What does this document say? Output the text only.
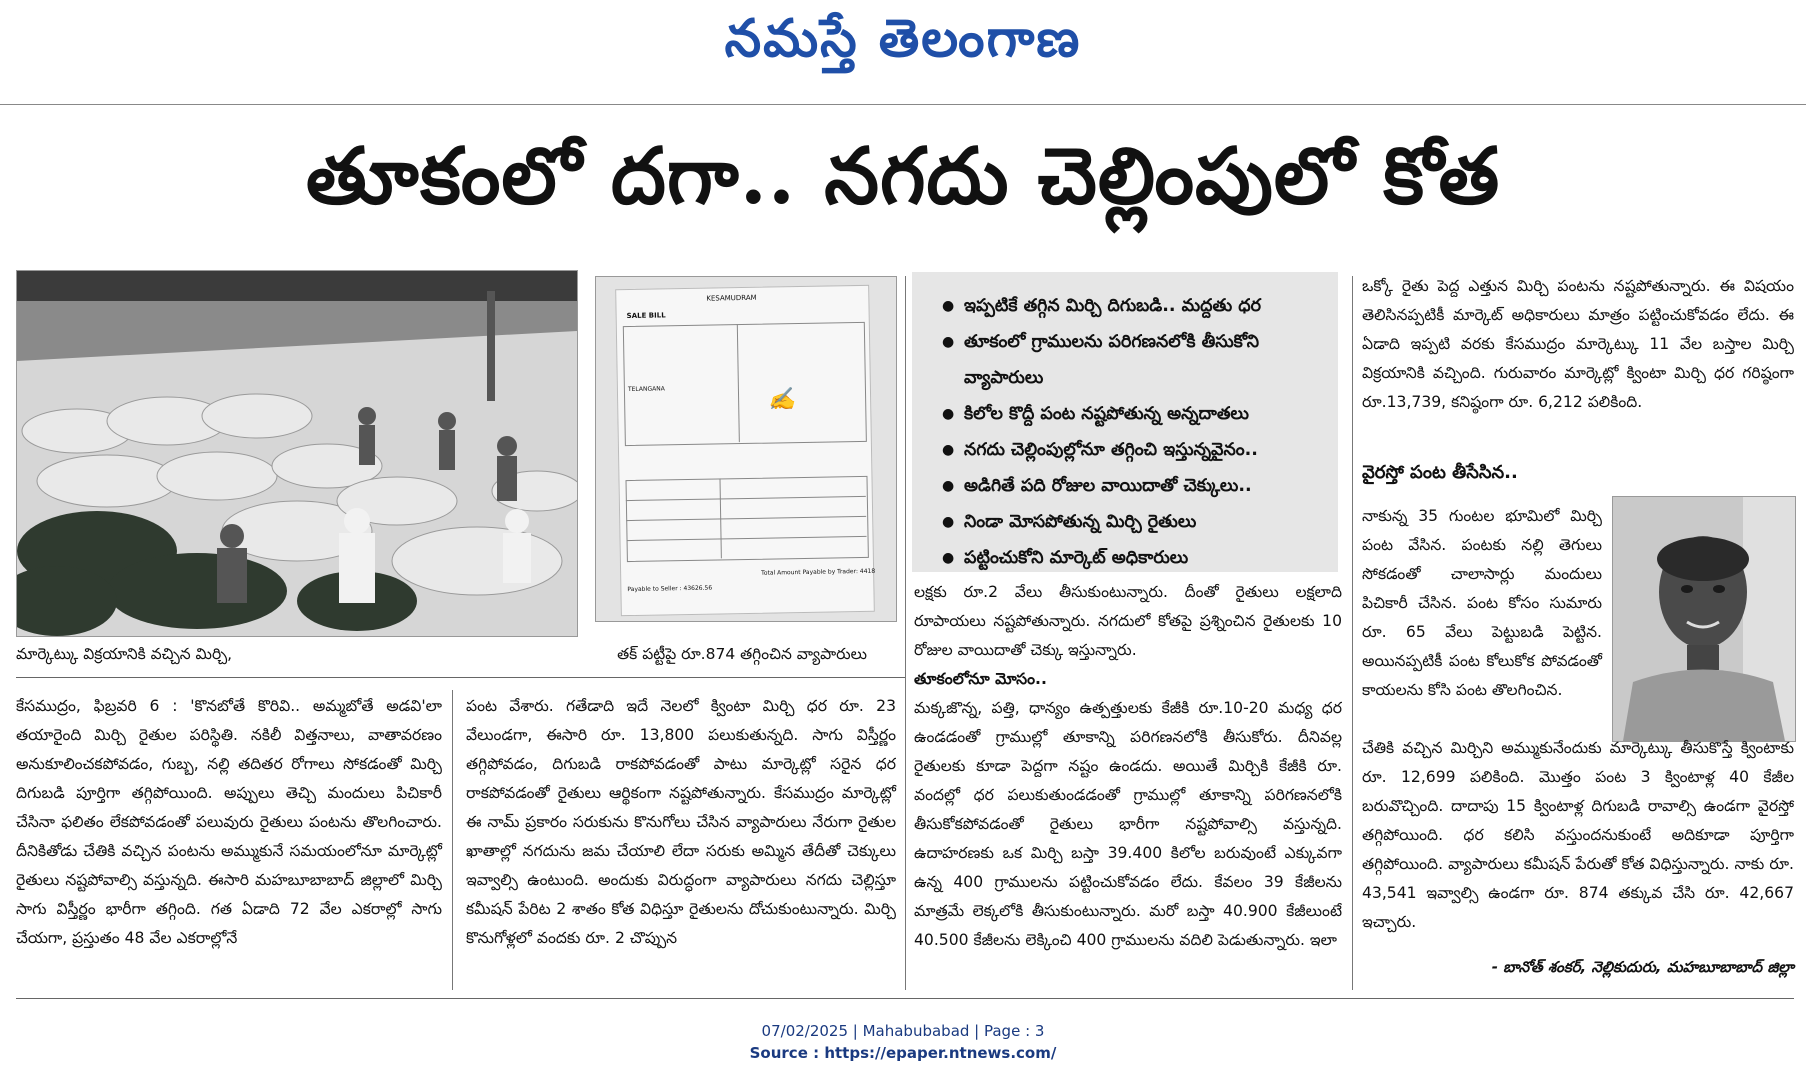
నమస్తే తెలంగాణ
తూకంలో దగా.. నగదు చెల్లింపులో కోత
మార్కెట్కు విక్రయానికి వచ్చిన మిర్చి,
KESAMUDRAM
SALE BILL
TELANGANA	✍
Total Amount Payable by Trader: 4418
Payable to Seller : 43626.56
తక్ పట్టీపై రూ.874 తగ్గించిన వ్యాపారులు
● ఇప్పటికే తగ్గిన మిర్చి దిగుబడి.. మద్దతు ధర
● తూకంలో గ్రాములను పరిగణనలోకి తీసుకోని వ్యాపారులు
● కిలోల కొద్దీ పంట నష్టపోతున్న అన్నదాతలు
● నగదు చెల్లింపుల్లోనూ తగ్గించి ఇస్తున్నవైనం..
● అడిగితే పది రోజుల వాయిదాతో చెక్కులు..
● నిండా మోసపోతున్న మిర్చి రైతులు
● పట్టించుకోని మార్కెట్ అధికారులు

కేసముద్రం, ఫిబ్రవరి 6 : 'కొనబోతే కొరివి.. అమ్మబోతే అడవి'లా తయారైంది మిర్చి రైతుల పరిస్థితి. నకిలీ విత్తనాలు, వాతావరణం అనుకూలించకపోవడం, గుబ్బ, నల్లి తదితర రోగాలు సోకడంతో మిర్చి దిగుబడి పూర్తిగా తగ్గిపోయింది. అప్పులు తెచ్చి మందులు పిచికారీ చేసినా ఫలితం లేకపోవడంతో పలువురు రైతులు పంటను తొలగించారు. దీనికితోడు చేతికి వచ్చిన పంటను అమ్ముకునే సమయంలోనూ మార్కెట్లో రైతులు నష్టపోవాల్సి వస్తున్నది. ఈసారి మహబూబాబాద్ జిల్లాలో మిర్చి సాగు విస్తీర్ణం భారీగా తగ్గింది. గత ఏడాది 72 వేల ఎకరాల్లో సాగు చేయగా, ప్రస్తుతం 48 వేల ఎకరాల్లోనే

పంట వేశారు. గతేడాది ఇదే నెలలో క్వింటా మిర్చి ధర రూ. 23 వేలుండగా, ఈసారి రూ. 13,800 పలుకుతున్నది. సాగు విస్తీర్ణం తగ్గిపోవడం, దిగుబడి రాకపోవడంతో పాటు మార్కెట్లో సరైన ధర రాకపోవడంతో రైతులు ఆర్థికంగా నష్టపోతున్నారు. కేసముద్రం మార్కెట్లో ఈ నామ్ ప్రకారం సరుకును కొనుగోలు చేసిన వ్యాపారులు నేరుగా రైతుల ఖాతాల్లో నగదును జమ చేయాలి లేదా సరుకు అమ్మిన తేదీతో చెక్కులు ఇవ్వాల్సి ఉంటుంది. అందుకు విరుద్ధంగా వ్యాపారులు నగదు చెల్లిస్తూ కమీషన్ పేరిట 2 శాతం కోత విధిస్తూ రైతులను దోచుకుంటున్నారు. మిర్చి కొనుగోళ్లలో వందకు రూ. 2 చొప్పున

లక్షకు రూ.2 వేలు తీసుకుంటున్నారు. దీంతో రైతులు లక్షలాది రూపాయలు నష్టపోతున్నారు. నగదులో కోతపై ప్రశ్నించిన రైతులకు 10 రోజుల వాయిదాతో చెక్కు ఇస్తున్నారు.

తూకంలోనూ మోసం..

మక్కజొన్న, పత్తి, ధాన్యం ఉత్పత్తులకు కేజీకి రూ.10-20 మధ్య ధర ఉండడంతో గ్రాముల్లో తూకాన్ని పరిగణనలోకి తీసుకోరు. దీనివల్ల రైతులకు కూడా పెద్దగా నష్టం ఉండదు. అయితే మిర్చికి కేజీకి రూ. వందల్లో ధర పలుకుతుండడంతో గ్రాముల్లో తూకాన్ని పరిగణనలోకి తీసుకోకపోవడంతో రైతులు భారీగా నష్టపోవాల్సి వస్తున్నది. ఉదాహరణకు ఒక మిర్చి బస్తా 39.400 కిలోల బరువుంటే ఎక్కువగా ఉన్న 400 గ్రాములను పట్టించుకోవడం లేదు. కేవలం 39 కేజీలను మాత్రమే లెక్కలోకి తీసుకుంటున్నారు. మరో బస్తా 40.900 కేజీలుంటే 40.500 కేజీలను లెక్కించి 400 గ్రాములను వదిలి పెడుతున్నారు. ఇలా

ఒక్కో రైతు పెద్ద ఎత్తున మిర్చి పంటను నష్టపోతున్నారు. ఈ విషయం తెలిసినప్పటికీ మార్కెట్ అధికారులు మాత్రం పట్టించుకోవడం లేదు. ఈ ఏడాది ఇప్పటి వరకు కేసముద్రం మార్కెట్కు 11 వేల బస్తాల మిర్చి విక్రయానికి వచ్చింది. గురువారం మార్కెట్లో క్వింటా మిర్చి ధర గరిష్ఠంగా రూ.13,739, కనిష్ఠంగా రూ. 6,212 పలికింది.

వైరస్తో పంట తీసేసిన..

నాకున్న 35 గుంటల భూమిలో మిర్చి పంట వేసిన. పంటకు నల్లి తెగులు సోకడంతో చాలాసార్లు మందులు పిచికారీ చేసిన. పంట కోసం సుమారు రూ. 65 వేలు పెట్టుబడి పెట్టిన. అయినప్పటికీ పంట కోలుకోక పోవడంతో కాయలను కోసి పంట తొలగించిన.

చేతికి వచ్చిన మిర్చిని అమ్ముకునేందుకు మార్కెట్కు తీసుకొస్తే క్వింటాకు రూ. 12,699 పలికింది. మొత్తం పంట 3 క్వింటాళ్ల 40 కేజీల బరువొచ్చింది. దాదాపు 15 క్వింటాళ్ల దిగుబడి రావాల్సి ఉండగా వైరస్తో తగ్గిపోయింది. ధర కలిసి వస్తుందనుకుంటే అదికూడా పూర్తిగా తగ్గిపోయింది. వ్యాపారులు కమీషన్ పేరుతో కోత విధిస్తున్నారు. నాకు రూ. 43,541 ఇవ్వాల్సి ఉండగా రూ. 874 తక్కువ చేసి రూ. 42,667 ఇచ్చారు.

- బానోత్ శంకర్, నెల్లికుదురు, మహబూబాబాద్ జిల్లా
07/02/2025 | Mahabubabad | Page : 3
Source : https://epaper.ntnews.com/
